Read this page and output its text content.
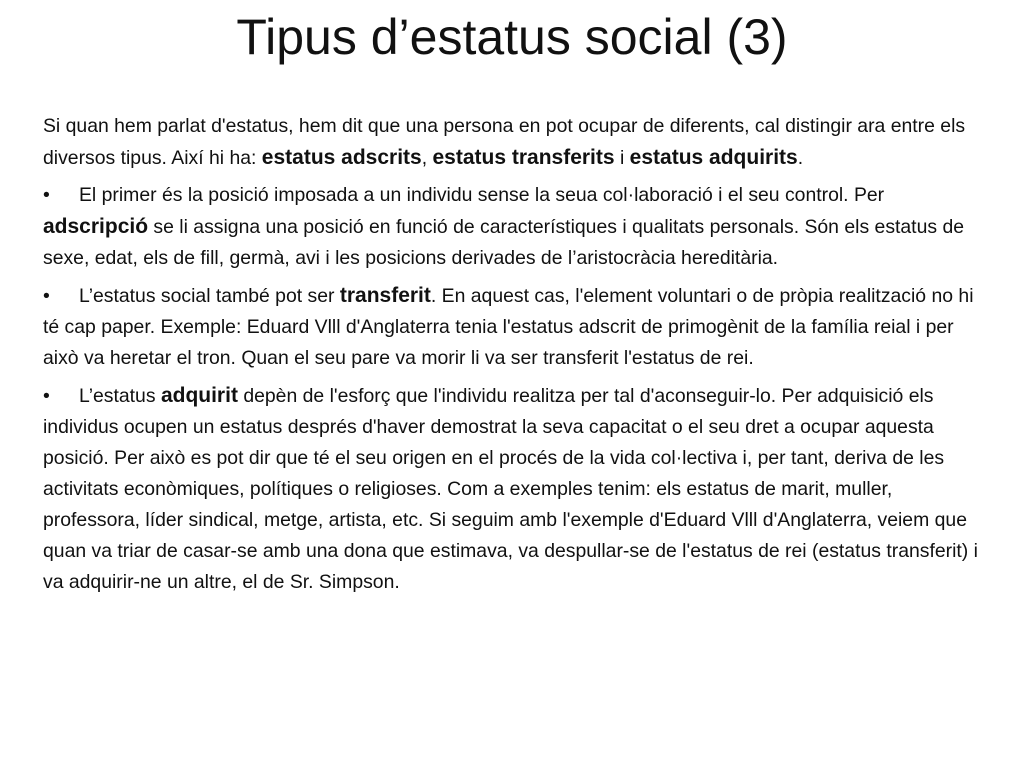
Tipus d’estatus social (3)

Si quan hem parlat d'estatus, hem dit que una persona en pot ocupar de diferents, cal distingir ara entre els diversos tipus. Així hi ha: estatus adscrits, estatus transferits i estatus adquirits.

• El primer és la posició imposada a un individu sense la seua col·laboració i el seu control. Per adscripció se li assigna una posició en funció de característiques i qualitats personals. Són els estatus de sexe, edat, els de fill, germà, avi i les posicions derivades de l’aristocràcia hereditària.

• L’estatus social també pot ser transferit. En aquest cas, l'element voluntari o de pròpia realització no hi té cap paper. Exemple: Eduard Vlll d'Anglaterra tenia l'estatus adscrit de primogènit de la família reial i per això va heretar el tron. Quan el seu pare va morir li va ser transferit l'estatus de rei.

• L’estatus adquirit depèn de l'esforç que l'individu realitza per tal d'aconseguir-lo. Per adquisició els individus ocupen un estatus després d'haver demostrat la seva capacitat o el seu dret a ocupar aquesta posició. Per això es pot dir que té el seu origen en el procés de la vida col·lectiva i, per tant, deriva de les activitats econòmiques, polítiques o religioses. Com a exemples tenim: els estatus de marit, muller, professora, líder sindical, metge, artista, etc. Si seguim amb l'exemple d'Eduard Vlll d'Anglaterra, veiem que quan va triar de casar-se amb una dona que estimava, va despullar-se de l'estatus de rei (estatus transferit) i va adquirir-ne un altre, el de Sr. Simpson.
